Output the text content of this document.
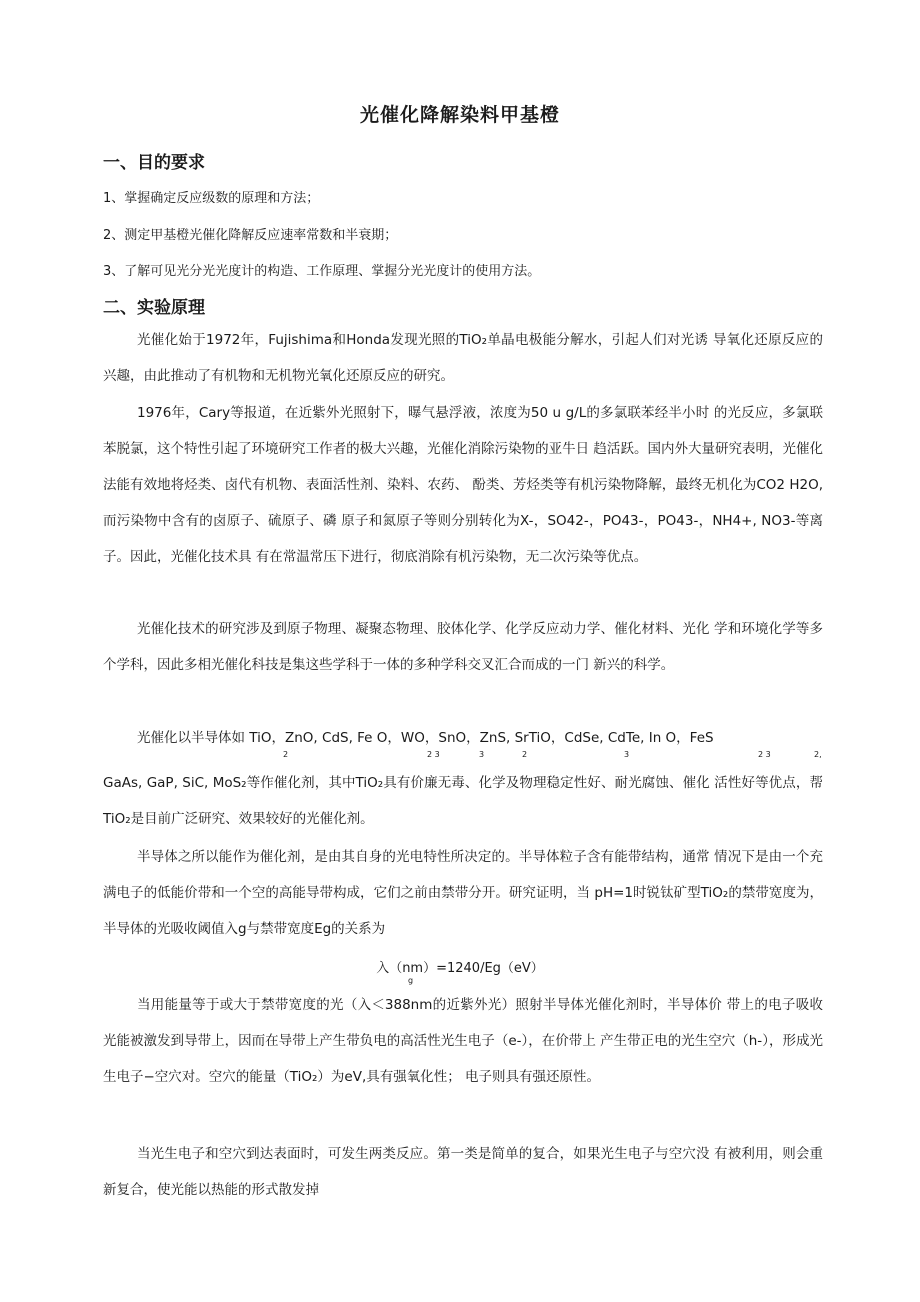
光催化降解染料甲基橙
一、目的要求
1、掌握确定反应级数的原理和方法；
2、测定甲基橙光催化降解反应速率常数和半衰期；
3、了解可见光分光光度计的构造、工作原理、掌握分光光度计的使用方法。
二、实验原理

光催化始于1972年，Fujishima和Honda发现光照的TiO₂单晶电极能分解水，引起人们对光诱 导氧化还原反应的兴趣，由此推动了有机物和无机物光氧化还原反应的研究。

1976年，Cary等报道，在近紫外光照射下，曝气悬浮液，浓度为50 u g/L的多氯联苯经半小时 的光反应，多氯联苯脱氯，这个特性引起了环境研究工作者的极大兴趣，光催化消除污染物的亚牛日 趋活跃。国内外大量研究表明，光催化法能有效地将烃类、卤代有机物、表面活性剂、染料、农药、 酚类、芳烃类等有机污染物降解，最终无机化为CO2 H2O,而污染物中含有的卤原子、硫原子、磷 原子和氮原子等则分别转化为X-，SO42-，PO43-，PO43-，NH4+, NO3-等离子。因此，光催化技术具 有在常温常压下进行，彻底消除有机污染物，无二次污染等优点。

光催化技术的研究涉及到原子物理、凝聚态物理、胶体化学、化学反应动力学、催化材料、光化 学和环境化学等多个学科，因此多相光催化科技是集这些学科于一体的多种学科交叉汇合而成的一门 新兴的科学。

光催化以半导体如 TiO，ZnO, CdS, Fe O，WO，SnO，ZnS, SrTiO，CdSe, CdTe, In O，FeS
2	2 3	3	2	3	2 3	2,

GaAs, GaP, SiC, MoS₂等作催化剂，其中TiO₂具有价廉无毒、化学及物理稳定性好、耐光腐蚀、催化 活性好等优点，帮TiO₂是目前广泛研究、效果较好的光催化剂。

半导体之所以能作为催化剂，是由其自身的光电特性所决定的。半导体粒子含有能带结构，通常 情况下是由一个充满电子的低能价带和一个空的高能导带构成，它们之前由禁带分开。研究证明，当 pH=1时锐钛矿型TiO₂的禁带宽度为，半导体的光吸收阈值入g与禁带宽度Eg的关系为

入（nm）=1240/Eg（eV）
g

当用能量等于或大于禁带宽度的光（入＜388nm的近紫外光）照射半导体光催化剂时，半导体价 带上的电子吸收光能被激发到导带上，因而在导带上产生带负电的高活性光生电子（e-），在价带上 产生带正电的光生空穴（h-），形成光生电子−空穴对。空穴的能量（TiO₂）为eV,具有强氧化性； 电子则具有强还原性。

当光生电子和空穴到达表面时，可发生两类反应。第一类是简单的复合，如果光生电子与空穴没 有被利用，则会重新复合，使光能以热能的形式散发掉
